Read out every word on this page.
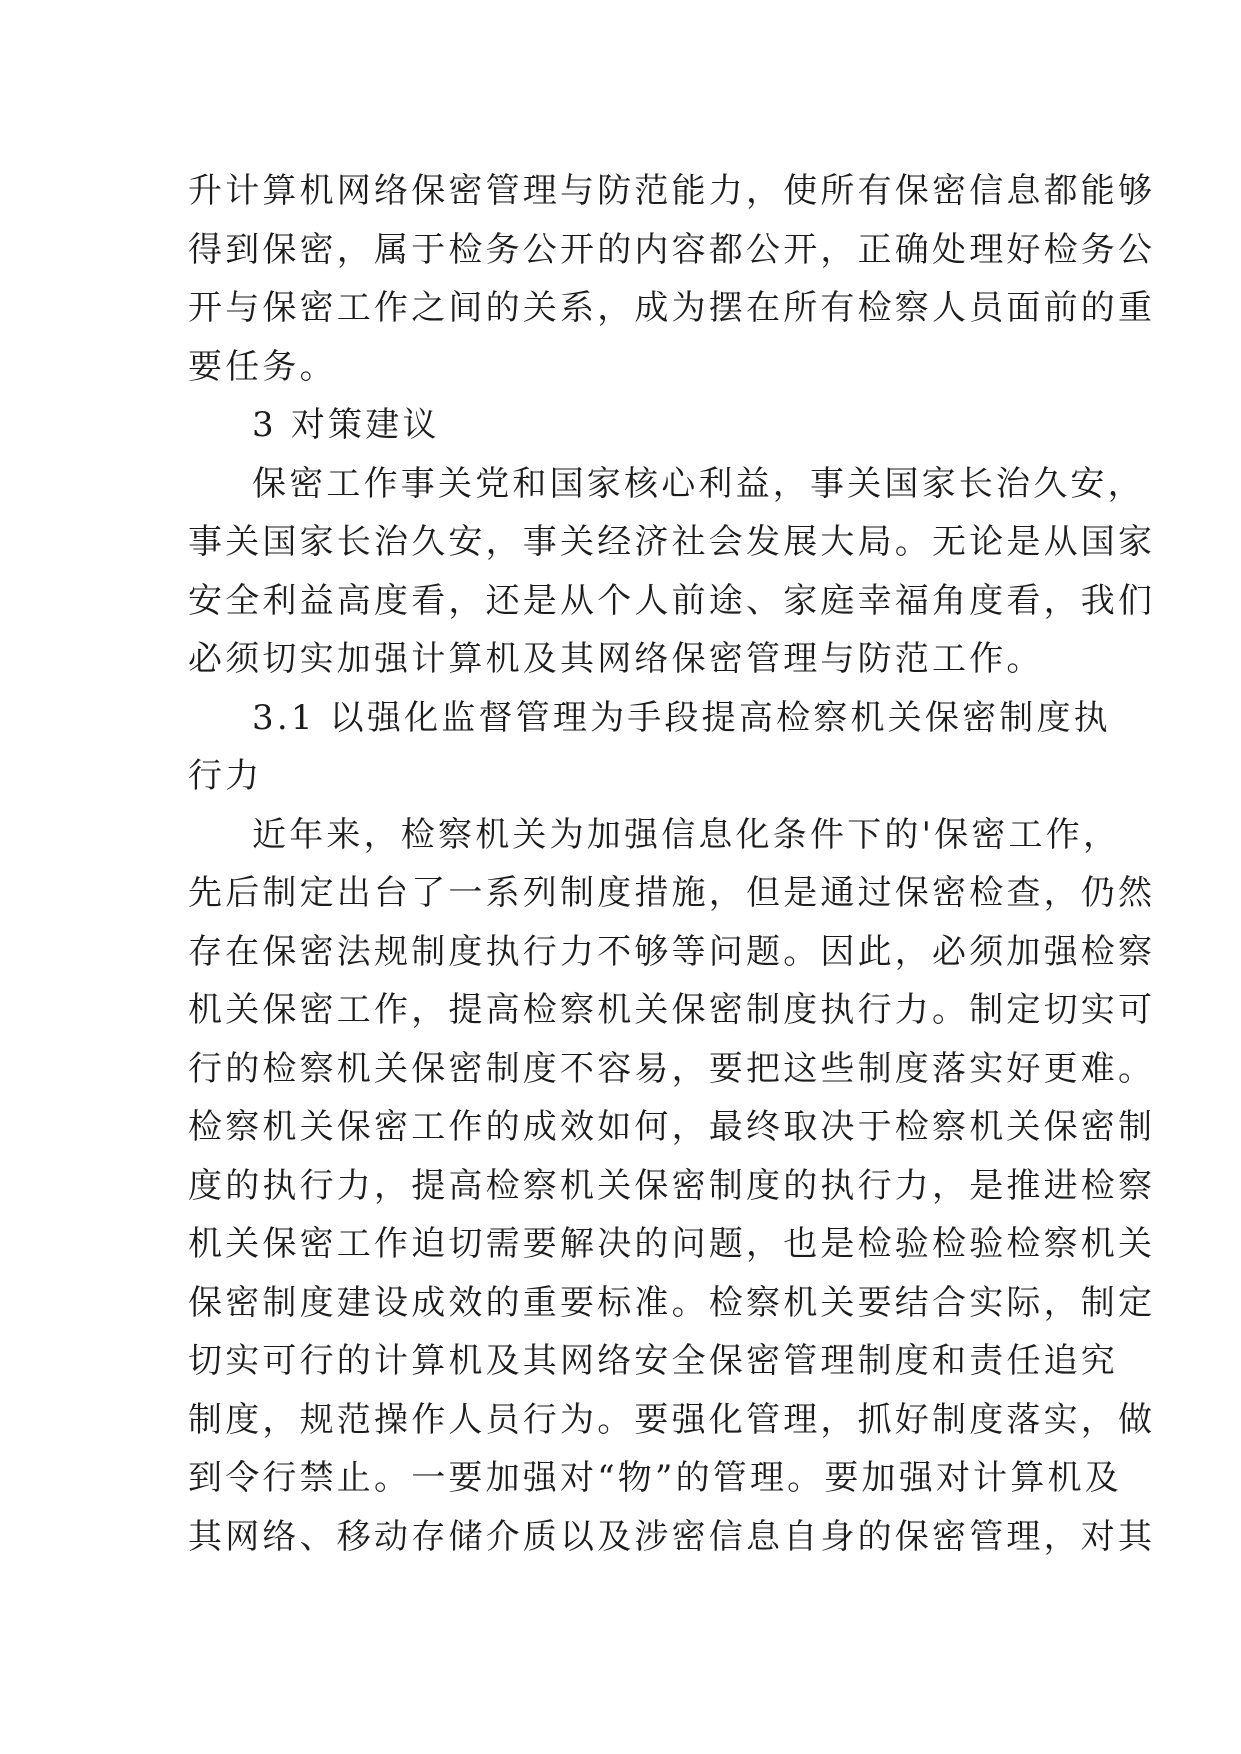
升计算机网络保密管理与防范能力，使所有保密信息都能够
得到保密，属于检务公开的内容都公开，正确处理好检务公
开与保密工作之间的关系，成为摆在所有检察人员面前的重
要任务。
3 对策建议
保密工作事关党和国家核心利益，事关国家长治久安，
事关国家长治久安，事关经济社会发展大局。无论是从国家
安全利益高度看，还是从个人前途、家庭幸福角度看，我们
必须切实加强计算机及其网络保密管理与防范工作。
3.1 以强化监督管理为手段提高检察机关保密制度执
行力
近年来，检察机关为加强信息化条件下的'保密工作，
先后制定出台了一系列制度措施，但是通过保密检查，仍然
存在保密法规制度执行力不够等问题。因此，必须加强检察
机关保密工作，提高检察机关保密制度执行力。制定切实可
行的检察机关保密制度不容易，要把这些制度落实好更难。
检察机关保密工作的成效如何，最终取决于检察机关保密制
度的执行力，提高检察机关保密制度的执行力，是推进检察
机关保密工作迫切需要解决的问题，也是检验检验检察机关
保密制度建设成效的重要标准。检察机关要结合实际，制定
切实可行的计算机及其网络安全保密管理制度和责任追究
制度，规范操作人员行为。要强化管理，抓好制度落实，做
到令行禁止。一要加强对“物”的管理。要加强对计算机及
其网络、移动存储介质以及涉密信息自身的保密管理，对其
